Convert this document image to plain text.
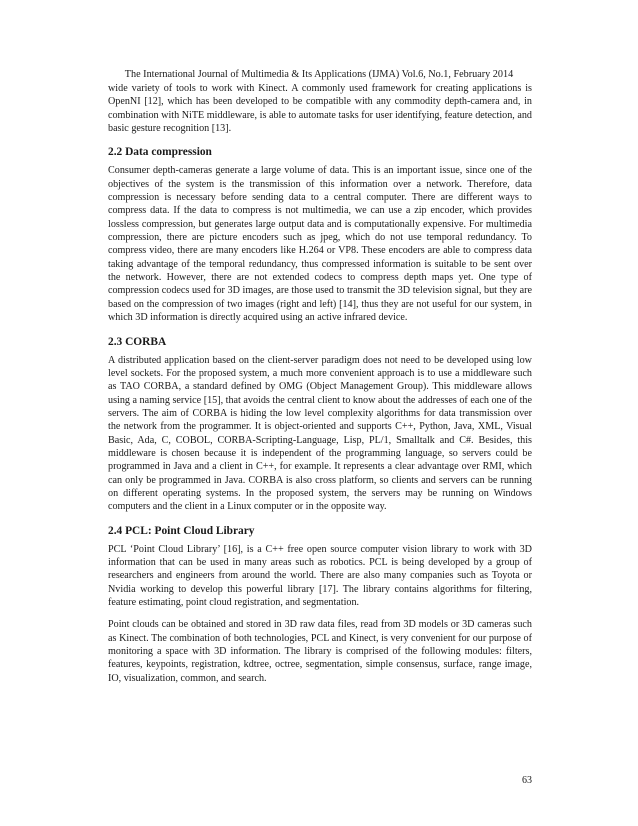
The International Journal of Multimedia & Its Applications (IJMA) Vol.6, No.1, February 2014

wide variety of tools to work with Kinect. A commonly used framework for creating applications is OpenNI [12], which has been developed to be compatible with any commodity depth-camera and, in combination with NiTE middleware, is able to automate tasks for user identifying, feature detection, and basic gesture recognition [13].

2.2 Data compression

Consumer depth-cameras generate a large volume of data. This is an important issue, since one of the objectives of the system is the transmission of this information over a network. Therefore, data compression is necessary before sending data to a central computer. There are different ways to compress data. If the data to compress is not multimedia, we can use a zip encoder, which provides lossless compression, but generates large output data and is computationally expensive. For multimedia compression, there are picture encoders such as jpeg, which do not use temporal redundancy. To compress video, there are many encoders like H.264 or VP8. These encoders are able to compress data taking advantage of the temporal redundancy, thus compressed information is suitable to be sent over the network. However, there are not extended codecs to compress depth maps yet. One type of compression codecs used for 3D images, are those used to transmit the 3D television signal, but they are based on the compression of two images (right and left) [14], thus they are not useful for our system, in which 3D information is directly acquired using an active infrared device.

2.3 CORBA

A distributed application based on the client-server paradigm does not need to be developed using low level sockets. For the proposed system, a much more convenient approach is to use a middleware such as TAO CORBA, a standard defined by OMG (Object Management Group). This middleware allows using a naming service [15], that avoids the central client to know about the addresses of each one of the servers. The aim of CORBA is hiding the low level complexity algorithms for data transmission over the network from the programmer. It is object-oriented and supports C++, Python, Java, XML, Visual Basic, Ada, C, COBOL, CORBA-Scripting-Language, Lisp, PL/1, Smalltalk and C#. Besides, this middleware is chosen because it is independent of the programming language, so servers could be programmed in Java and a client in C++, for example. It represents a clear advantage over RMI, which can only be programmed in Java. CORBA is also cross platform, so clients and servers can be running on different operating systems. In the proposed system, the servers may be running on Windows computers and the client in a Linux computer or in the opposite way.

2.4 PCL: Point Cloud Library

PCL ‘Point Cloud Library’ [16], is a C++ free open source computer vision library to work with 3D information that can be used in many areas such as robotics. PCL is being developed by a group of researchers and engineers from around the world. There are also many companies such as Toyota or Nvidia working to develop this powerful library [17]. The library contains algorithms for filtering, feature estimating, point cloud registration, and segmentation.

Point clouds can be obtained and stored in 3D raw data files, read from 3D models or 3D cameras such as Kinect. The combination of both technologies, PCL and Kinect, is very convenient for our purpose of monitoring a space with 3D information. The library is comprised of the following modules: filters, features, keypoints, registration, kdtree, octree, segmentation, simple consensus, surface, range image, IO, visualization, common, and search.

63
